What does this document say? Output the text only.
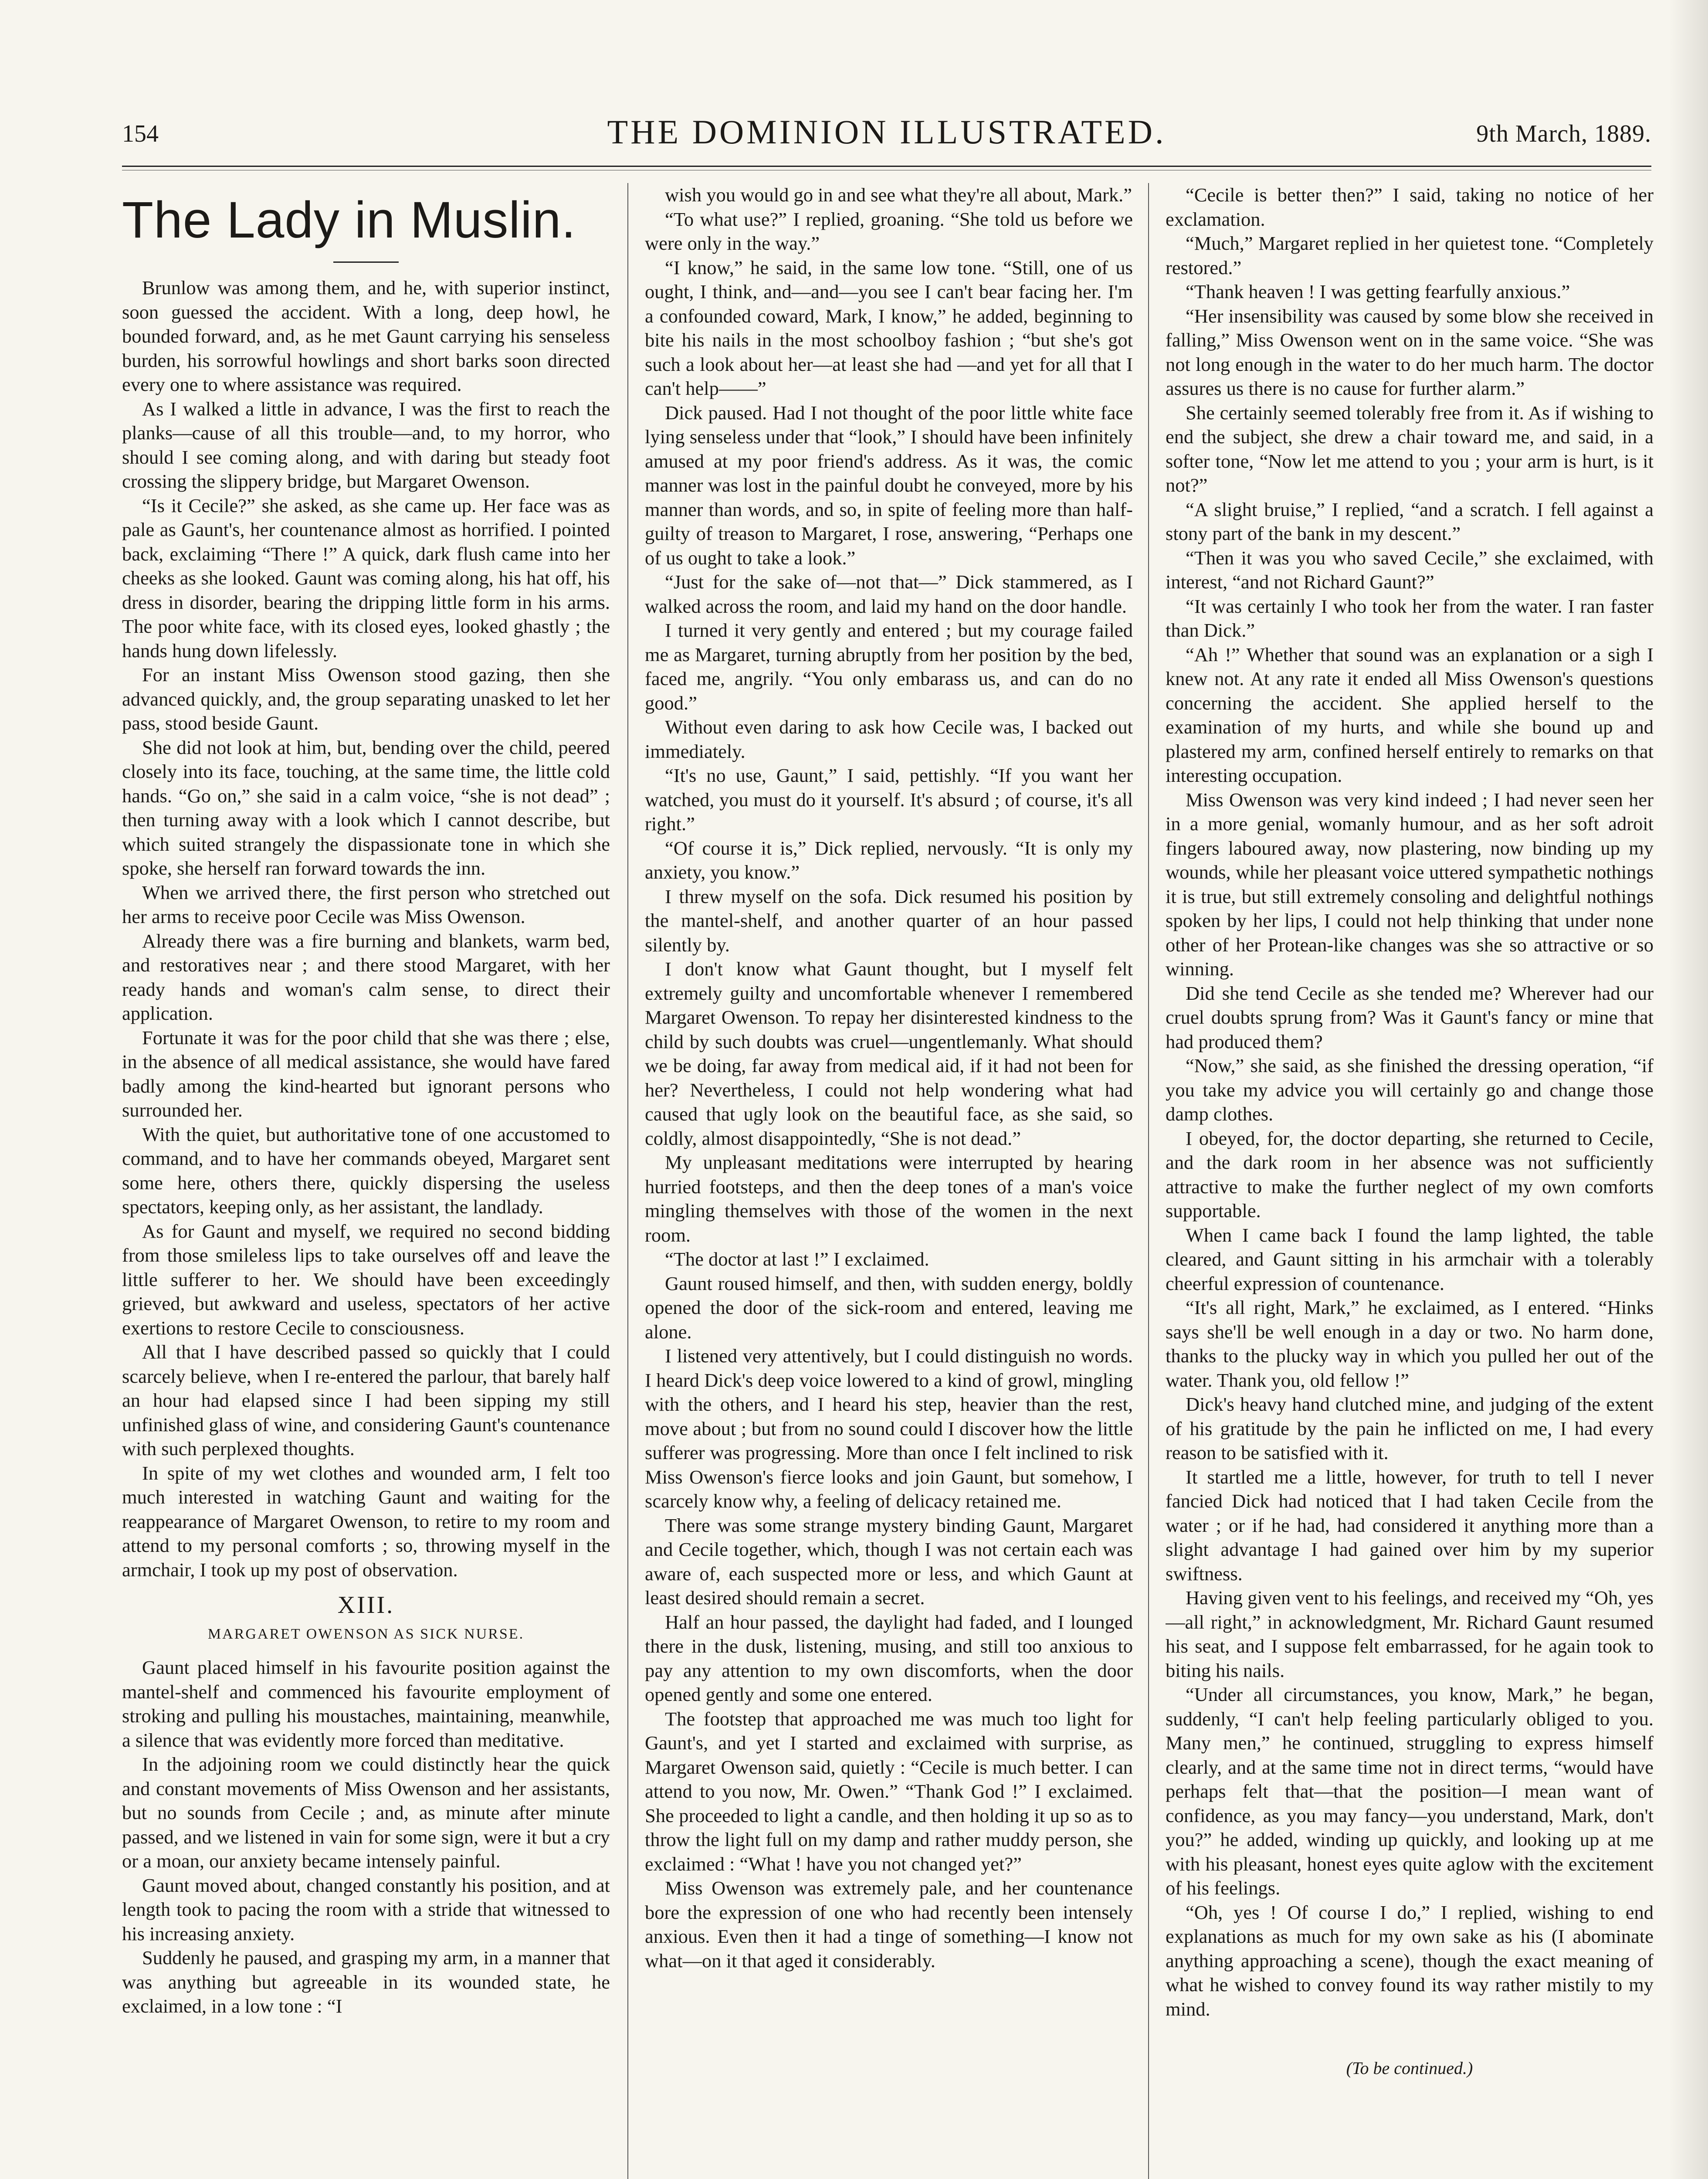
154	THE DOMINION ILLUSTRATED.	9th March, 1889.
The Lady in Muslin.

Brunlow was among them, and he, with superior instinct, soon guessed the accident. With a long, deep howl, he bounded forward, and, as he met Gaunt carrying his senseless burden, his sorrowful howlings and short barks soon directed every one to where assistance was required.

As I walked a little in advance, I was the first to reach the planks—cause of all this trouble—and, to my horror, who should I see coming along, and with daring but steady foot crossing the slippery bridge, but Margaret Owenson.

“Is it Cecile?” she asked, as she came up. Her face was as pale as Gaunt's, her countenance almost as horrified. I pointed back, exclaiming “There !” A quick, dark flush came into her cheeks as she looked. Gaunt was coming along, his hat off, his dress in disorder, bearing the dripping little form in his arms. The poor white face, with its closed eyes, looked ghastly ; the hands hung down lifelessly.

For an instant Miss Owenson stood gazing, then she advanced quickly, and, the group separating unasked to let her pass, stood beside Gaunt.

She did not look at him, but, bending over the child, peered closely into its face, touching, at the same time, the little cold hands. “Go on,” she said in a calm voice, “she is not dead” ; then turning away with a look which I cannot describe, but which suited strangely the dispassionate tone in which she spoke, she herself ran forward towards the inn.

When we arrived there, the first person who stretched out her arms to receive poor Cecile was Miss Owenson.

Already there was a fire burning and blankets, warm bed, and restoratives near ; and there stood Margaret, with her ready hands and woman's calm sense, to direct their application.

Fortunate it was for the poor child that she was there ; else, in the absence of all medical assistance, she would have fared badly among the kind-hearted but ignorant persons who surrounded her.

With the quiet, but authoritative tone of one accustomed to command, and to have her commands obeyed, Margaret sent some here, others there, quickly dispersing the useless spectators, keeping only, as her assistant, the landlady.

As for Gaunt and myself, we required no second bidding from those smileless lips to take ourselves off and leave the little sufferer to her. We should have been exceedingly grieved, but awkward and useless, spectators of her active exertions to restore Cecile to consciousness.

All that I have described passed so quickly that I could scarcely believe, when I re-entered the parlour, that barely half an hour had elapsed since I had been sipping my still unfinished glass of wine, and considering Gaunt's countenance with such perplexed thoughts.

In spite of my wet clothes and wounded arm, I felt too much interested in watching Gaunt and waiting for the reappearance of Margaret Owenson, to retire to my room and attend to my personal comforts ; so, throwing myself in the armchair, I took up my post of observation.

XIII.
MARGARET OWENSON AS SICK NURSE.

Gaunt placed himself in his favourite position against the mantel-shelf and commenced his favourite employment of stroking and pulling his moustaches, maintaining, meanwhile, a silence that was evidently more forced than meditative.

In the adjoining room we could distinctly hear the quick and constant movements of Miss Owenson and her assistants, but no sounds from Cecile ; and, as minute after minute passed, and we listened in vain for some sign, were it but a cry or a moan, our anxiety became intensely painful.

Gaunt moved about, changed constantly his position, and at length took to pacing the room with a stride that witnessed to his increasing anxiety.

Suddenly he paused, and grasping my arm, in a manner that was anything but agreeable in its wounded state, he exclaimed, in a low tone : “I

wish you would go in and see what they're all about, Mark.”

“To what use?” I replied, groaning. “She told us before we were only in the way.”

“I know,” he said, in the same low tone. “Still, one of us ought, I think, and—and—you see I can't bear facing her. I'm a confounded coward, Mark, I know,” he added, beginning to bite his nails in the most schoolboy fashion ; “but she's got such a look about her—at least she had —and yet for all that I can't help——”

Dick paused. Had I not thought of the poor little white face lying senseless under that “look,” I should have been infinitely amused at my poor friend's address. As it was, the comic manner was lost in the painful doubt he conveyed, more by his manner than words, and so, in spite of feeling more than half-guilty of treason to Margaret, I rose, answering, “Perhaps one of us ought to take a look.”

“Just for the sake of—not that—” Dick stammered, as I walked across the room, and laid my hand on the door handle.

I turned it very gently and entered ; but my courage failed me as Margaret, turning abruptly from her position by the bed, faced me, angrily. “You only embarass us, and can do no good.”

Without even daring to ask how Cecile was, I backed out immediately.

“It's no use, Gaunt,” I said, pettishly. “If you want her watched, you must do it yourself. It's absurd ; of course, it's all right.”

“Of course it is,” Dick replied, nervously. “It is only my anxiety, you know.”

I threw myself on the sofa. Dick resumed his position by the mantel-shelf, and another quarter of an hour passed silently by.

I don't know what Gaunt thought, but I myself felt extremely guilty and uncomfortable whenever I remembered Margaret Owenson. To repay her disinterested kindness to the child by such doubts was cruel—ungentlemanly. What should we be doing, far away from medical aid, if it had not been for her? Nevertheless, I could not help wondering what had caused that ugly look on the beautiful face, as she said, so coldly, almost disappointedly, “She is not dead.”

My unpleasant meditations were interrupted by hearing hurried footsteps, and then the deep tones of a man's voice mingling themselves with those of the women in the next room.

“The doctor at last !” I exclaimed.

Gaunt roused himself, and then, with sudden energy, boldly opened the door of the sick-room and entered, leaving me alone.

I listened very attentively, but I could distinguish no words. I heard Dick's deep voice lowered to a kind of growl, mingling with the others, and I heard his step, heavier than the rest, move about ; but from no sound could I discover how the little sufferer was progressing. More than once I felt inclined to risk Miss Owenson's fierce looks and join Gaunt, but somehow, I scarcely know why, a feeling of delicacy retained me.

There was some strange mystery binding Gaunt, Margaret and Cecile together, which, though I was not certain each was aware of, each suspected more or less, and which Gaunt at least desired should remain a secret.

Half an hour passed, the daylight had faded, and I lounged there in the dusk, listening, musing, and still too anxious to pay any attention to my own discomforts, when the door opened gently and some one entered.

The footstep that approached me was much too light for Gaunt's, and yet I started and exclaimed with surprise, as Margaret Owenson said, quietly : “Cecile is much better. I can attend to you now, Mr. Owen.” “Thank God !” I exclaimed. She proceeded to light a candle, and then holding it up so as to throw the light full on my damp and rather muddy person, she exclaimed : “What ! have you not changed yet?”

Miss Owenson was extremely pale, and her countenance bore the expression of one who had recently been intensely anxious. Even then it had a tinge of something—I know not what—on it that aged it considerably.

“Cecile is better then?” I said, taking no notice of her exclamation.

“Much,” Margaret replied in her quietest tone. “Completely restored.”

“Thank heaven ! I was getting fearfully anxious.”

“Her insensibility was caused by some blow she received in falling,” Miss Owenson went on in the same voice. “She was not long enough in the water to do her much harm. The doctor assures us there is no cause for further alarm.”

She certainly seemed tolerably free from it. As if wishing to end the subject, she drew a chair toward me, and said, in a softer tone, “Now let me attend to you ; your arm is hurt, is it not?”

“A slight bruise,” I replied, “and a scratch. I fell against a stony part of the bank in my descent.”

“Then it was you who saved Cecile,” she exclaimed, with interest, “and not Richard Gaunt?”

“It was certainly I who took her from the water. I ran faster than Dick.”

“Ah !” Whether that sound was an explanation or a sigh I knew not. At any rate it ended all Miss Owenson's questions concerning the accident. She applied herself to the examination of my hurts, and while she bound up and plastered my arm, confined herself entirely to remarks on that interesting occupation.

Miss Owenson was very kind indeed ; I had never seen her in a more genial, womanly humour, and as her soft adroit fingers laboured away, now plastering, now binding up my wounds, while her pleasant voice uttered sympathetic nothings it is true, but still extremely consoling and delightful nothings spoken by her lips, I could not help thinking that under none other of her Protean-like changes was she so attractive or so winning.

Did she tend Cecile as she tended me? Wherever had our cruel doubts sprung from? Was it Gaunt's fancy or mine that had produced them?

“Now,” she said, as she finished the dressing operation, “if you take my advice you will certainly go and change those damp clothes.

I obeyed, for, the doctor departing, she returned to Cecile, and the dark room in her absence was not sufficiently attractive to make the further neglect of my own comforts supportable.

When I came back I found the lamp lighted, the table cleared, and Gaunt sitting in his armchair with a tolerably cheerful expression of countenance.

“It's all right, Mark,” he exclaimed, as I entered. “Hinks says she'll be well enough in a day or two. No harm done, thanks to the plucky way in which you pulled her out of the water. Thank you, old fellow !”

Dick's heavy hand clutched mine, and judging of the extent of his gratitude by the pain he inflicted on me, I had every reason to be satisfied with it.

It startled me a little, however, for truth to tell I never fancied Dick had noticed that I had taken Cecile from the water ; or if he had, had considered it anything more than a slight advantage I had gained over him by my superior swiftness.

Having given vent to his feelings, and received my “Oh, yes—all right,” in acknowledgment, Mr. Richard Gaunt resumed his seat, and I suppose felt embarrassed, for he again took to biting his nails.

“Under all circumstances, you know, Mark,” he began, suddenly, “I can't help feeling particularly obliged to you. Many men,” he continued, struggling to express himself clearly, and at the same time not in direct terms, “would have perhaps felt that—that the position—I mean want of confidence, as you may fancy—you understand, Mark, don't you?” he added, winding up quickly, and looking up at me with his pleasant, honest eyes quite aglow with the excitement of his feelings.

“Oh, yes ! Of course I do,” I replied, wishing to end explanations as much for my own sake as his (I abominate anything approaching a scene), though the exact meaning of what he wished to convey found its way rather mistily to my mind.

(To be continued.)
